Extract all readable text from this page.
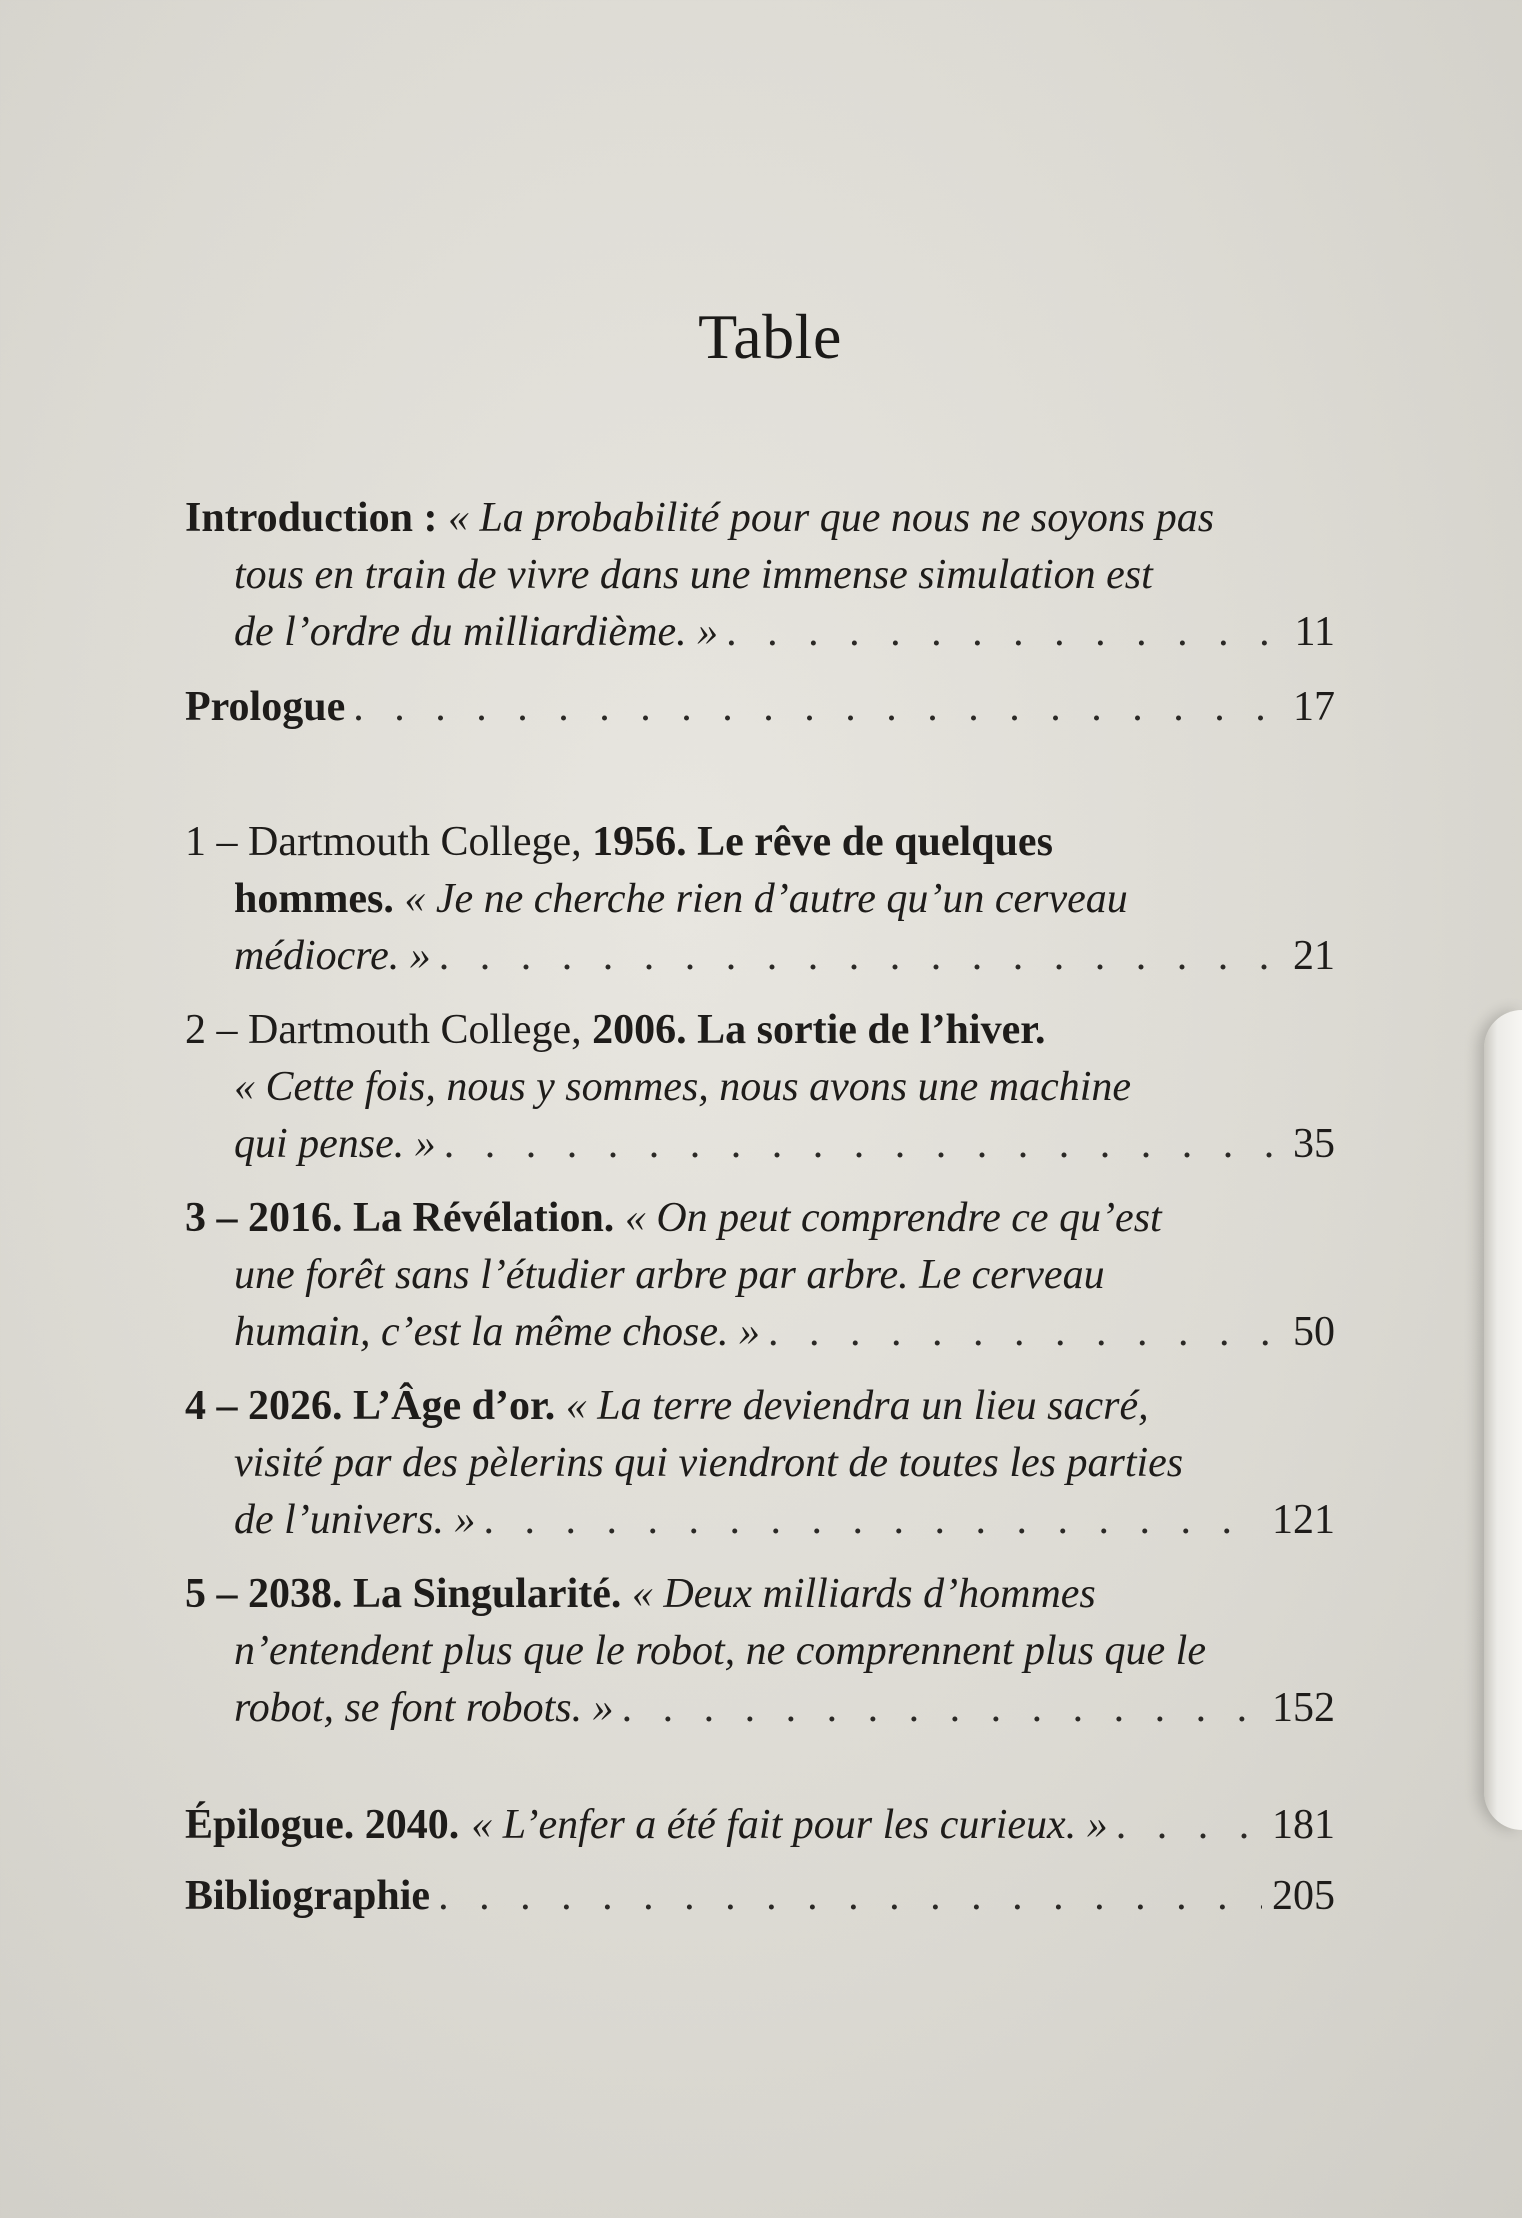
Table
Introduction : « La probabilité pour que nous ne soyons pas
tous en train de vivre dans une immense simulation est
de l’ordre du milliardième. » . . .	11
Prologue . . .	17
1 – Dartmouth College, 1956. Le rêve de quelques
hommes. « Je ne cherche rien d’autre qu’un cerveau
médiocre. » . . .	21
2 – Dartmouth College, 2006. La sortie de l’hiver.
« Cette fois, nous y sommes, nous avons une machine
qui pense. » . . .	35
3 – 2016. La Révélation. « On peut comprendre ce qu’est
une forêt sans l’étudier arbre par arbre. Le cerveau
humain, c’est la même chose. » . . .	50
4 – 2026. L’Âge d’or. « La terre deviendra un lieu sacré,
visité par des pèlerins qui viendront de toutes les parties
de l’univers. » . . .	121
5 – 2038. La Singularité. « Deux milliards d’hommes
n’entendent plus que le robot, ne comprennent plus que le
robot, se font robots. » . . .	152
Épilogue. 2040. « L’enfer a été fait pour les curieux. » . . .	181
Bibliographie . . .	205
